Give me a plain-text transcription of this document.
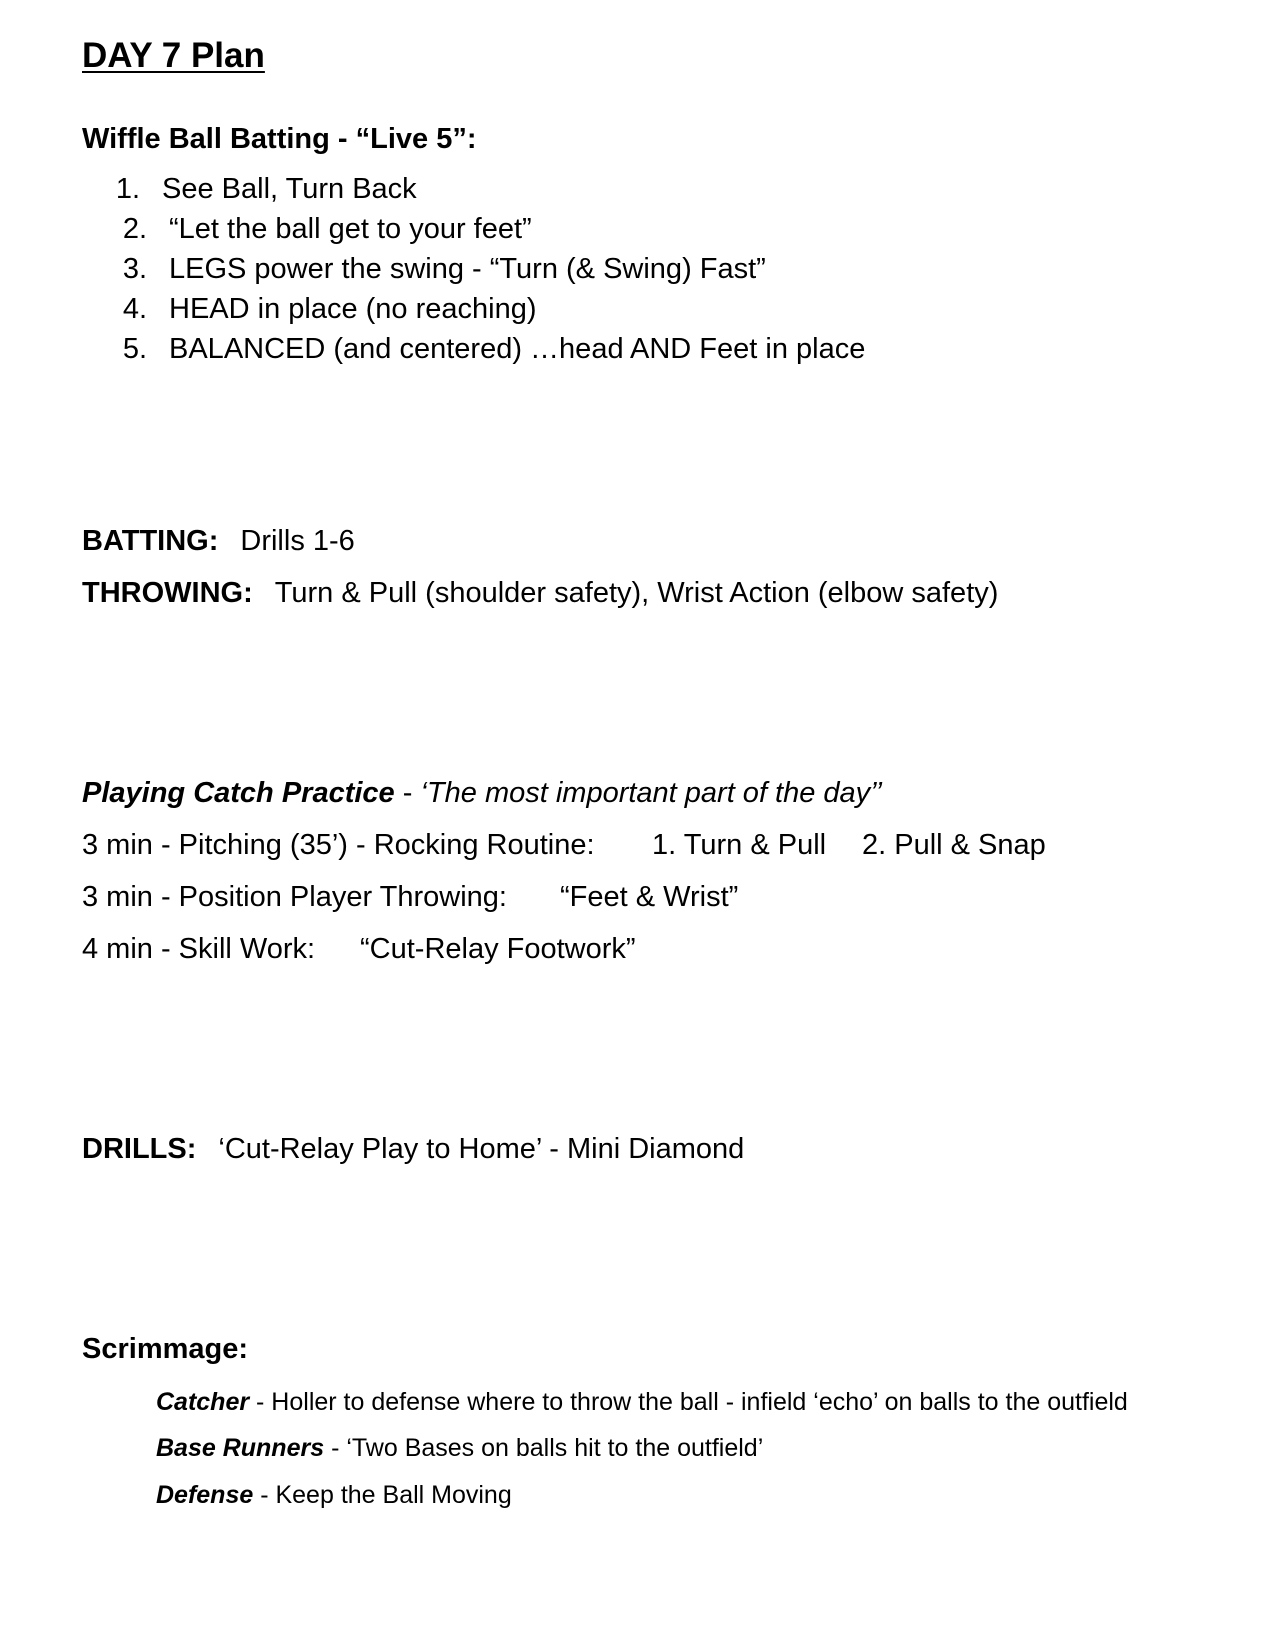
DAY 7 Plan
Wiffle Ball Batting - “Live 5”:
1. See Ball, Turn Back
2. “Let the ball get to your feet”
3. LEGS power the swing - “Turn (& Swing) Fast”
4. HEAD in place (no reaching)
5. BALANCED (and centered) …head AND Feet in place
BATTING: Drills 1-6
THROWING: Turn & Pull (shoulder safety), Wrist Action (elbow safety)
Playing Catch Practice - ‘The most important part of the day’’
3 min - Pitching (35’) - Rocking Routine: 1. Turn & Pull 2. Pull & Snap
3 min - Position Player Throwing: “Feet & Wrist”
4 min - Skill Work: “Cut-Relay Footwork”
DRILLS: ‘Cut-Relay Play to Home’ - Mini Diamond
Scrimmage:
Catcher - Holler to defense where to throw the ball - infield ‘echo’ on balls to the outfield
Base Runners - ‘Two Bases on balls hit to the outfield’
Defense - Keep the Ball Moving
